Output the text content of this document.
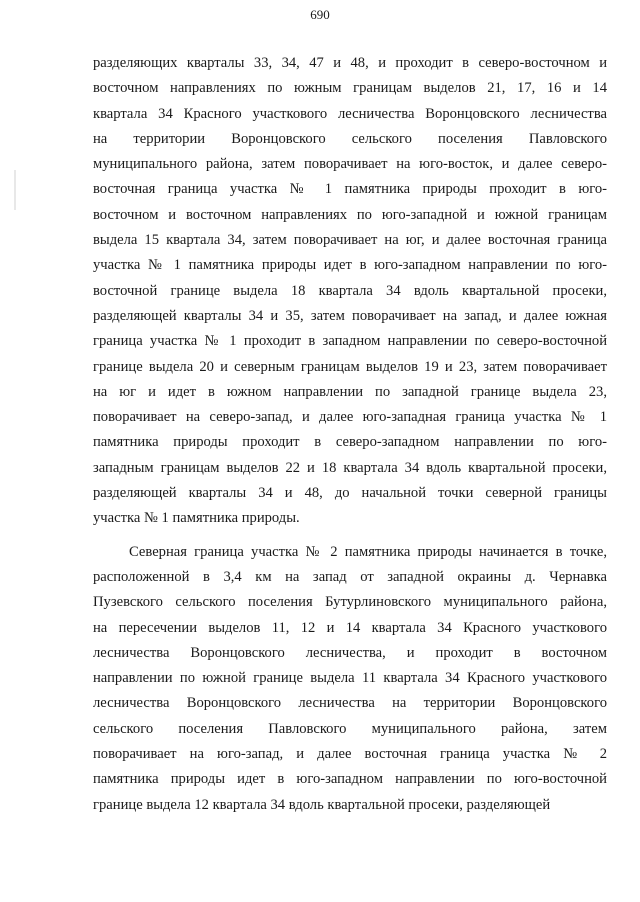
690

разделяющих кварталы 33, 34, 47 и 48, и проходит в северо-восточном и

восточном направлениях по южным границам выделов 21, 17, 16 и 14

квартала 34 Красного участкового лесничества Воронцовского лесничества

на территории Воронцовского сельского поселения Павловского

муниципального района, затем поворачивает на юго-восток, и далее северо-

восточная граница участка № 1 памятника природы проходит в юго-

восточном и восточном направлениях по юго-западной и южной границам

выдела 15 квартала 34, затем поворачивает на юг, и далее восточная граница

участка № 1 памятника природы идет в юго-западном направлении по юго-

восточной границе выдела 18 квартала 34 вдоль квартальной просеки,

разделяющей кварталы 34 и 35, затем поворачивает на запад, и далее южная

граница участка № 1 проходит в западном направлении по северо-восточной

границе выдела 20 и северным границам выделов 19 и 23, затем поворачивает

на юг и идет в южном направлении по западной границе выдела 23,

поворачивает на северо-запад, и далее юго-западная граница участка № 1

памятника природы проходит в северо-западном направлении по юго-

западным границам выделов 22 и 18 квартала 34 вдоль квартальной просеки,

разделяющей кварталы 34 и 48, до начальной точки северной границы

участка № 1 памятника природы.

Северная граница участка № 2 памятника природы начинается в точке,

расположенной в 3,4 км на запад от западной окраины д. Чернавка

Пузевского сельского поселения Бутурлиновского муниципального района,

на пересечении выделов 11, 12 и 14 квартала 34 Красного участкового

лесничества Воронцовского лесничества, и проходит в восточном

направлении по южной границе выдела 11 квартала 34 Красного участкового

лесничества Воронцовского лесничества на территории Воронцовского

сельского поселения Павловского муниципального района, затем

поворачивает на юго-запад, и далее восточная граница участка № 2

памятника природы идет в юго-западном направлении по юго-восточной

границе выдела 12 квартала 34 вдоль квартальной просеки, разделяющей
